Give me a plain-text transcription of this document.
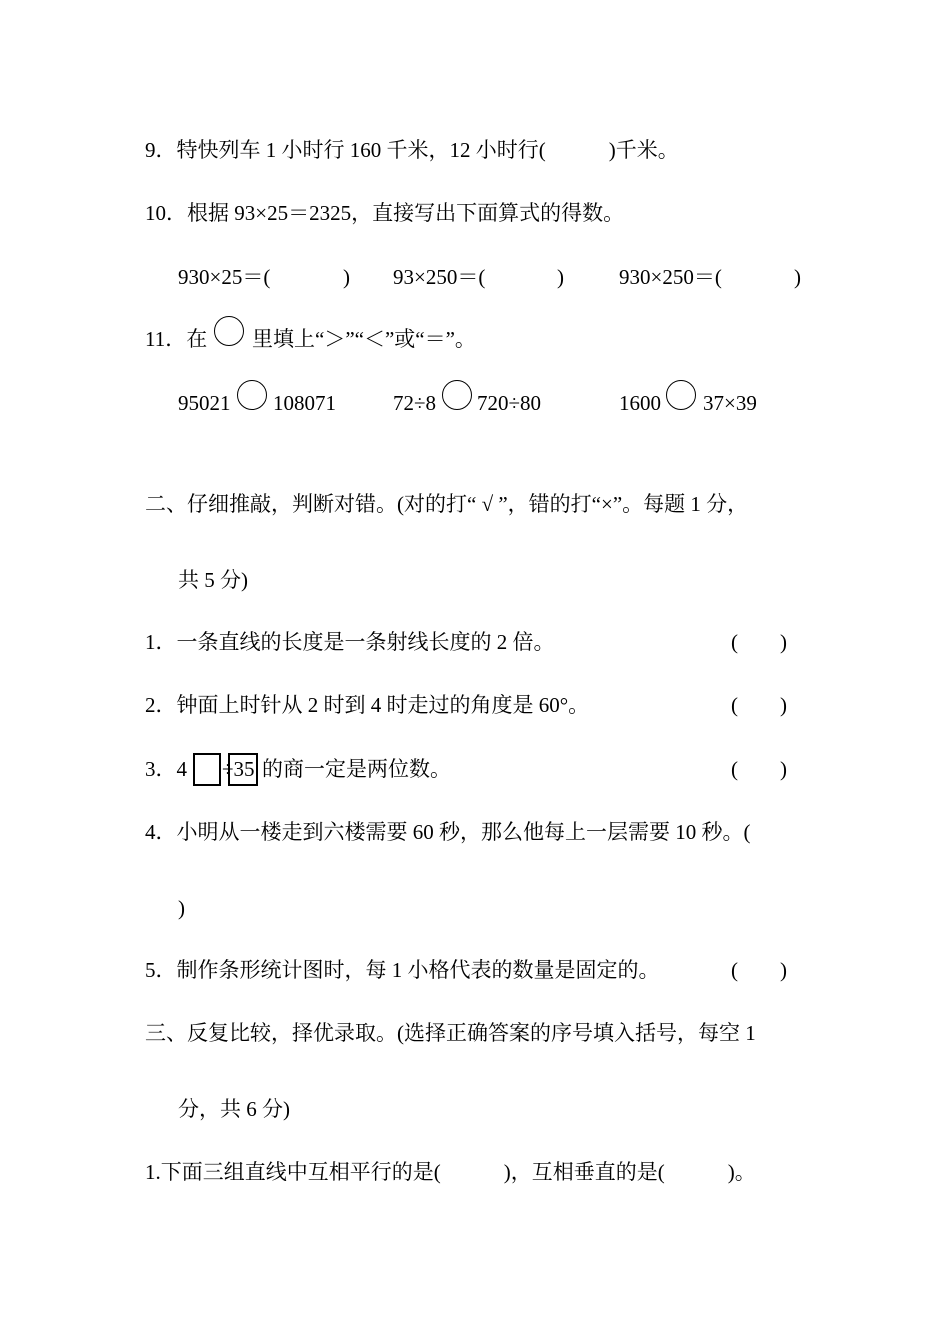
9．特快列车 1 小时行 160 千米，12 小时行(　　　)千米。
10．根据 93×25＝2325，直接写出下面算式的得数。
930×25＝(	) 93×250＝(	)	930×250＝(	)
11．在 里填上“＞”“＜”或“＝”。
95021 108071	72÷8 720÷80	1600 37×39
二、仔细推敲，判断对错。(对的打“ √ ”，错的打“×”。每题 1 分，
共 5 分)
1．一条直线的长度是一条射线长度的 2 倍。	(　　)
2．钟面上时针从 2 时到 4 时走过的角度是 60°。	(　　)
3．4 ÷35 的商一定是两位数。	(　　)
4．小明从一楼走到六楼需要 60 秒，那么他每上一层需要 10 秒。(
)
5．制作条形统计图时，每 1 小格代表的数量是固定的。	(　　)
三、反复比较，择优录取。(选择正确答案的序号填入括号，每空 1
分，共 6 分)
1.下面三组直线中互相平行的是(　　　)，互相垂直的是(　　　)。
